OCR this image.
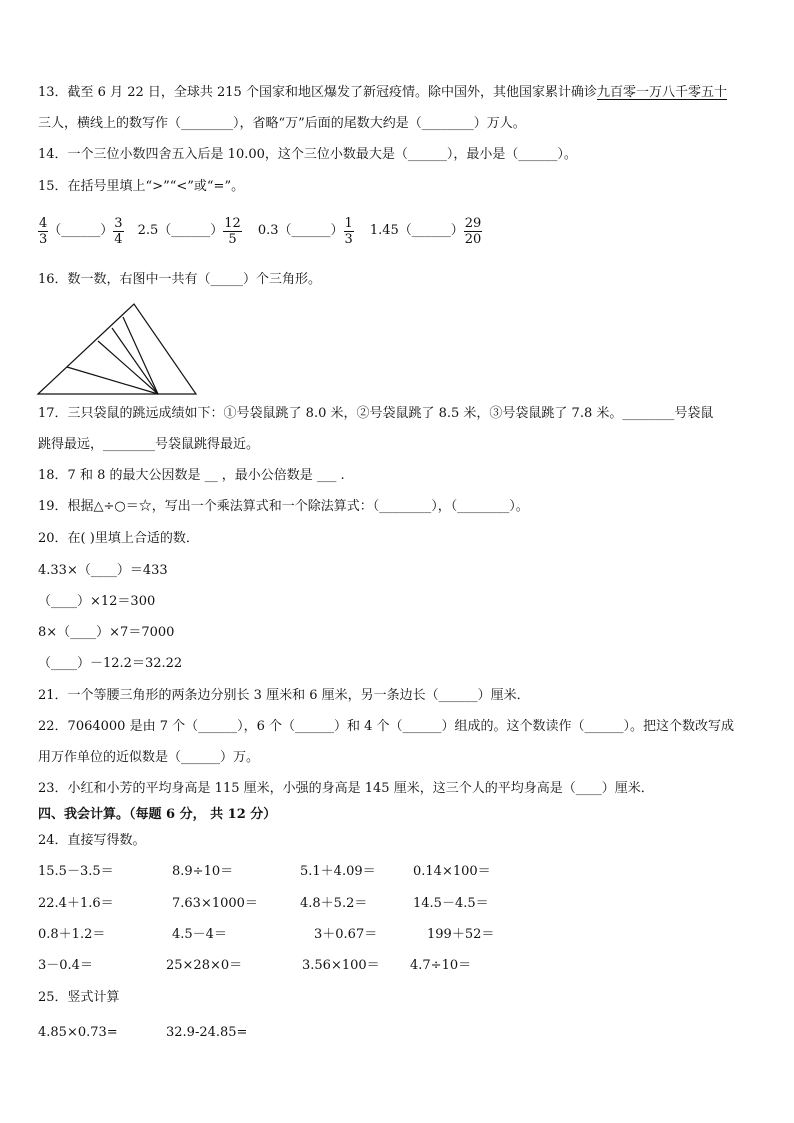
13．截至 6 月 22 日，全球共 215 个国家和地区爆发了新冠疫情。除中国外，其他国家累计确诊九百零一万八千零五十
三人，横线上的数写作（________），省略“万”后面的尾数大约是（________）万人。
14．一个三位小数四舍五入后是 10.00，这个三位小数最大是（______），最小是（______）。
15．在括号里填上“>”“<”或“=”。
$\frac{4}{3}$ （______） $\frac{3}{4} 2.5$ （______） $\frac{12}{5} 0.3$ （______） $\frac{1}{3} 1.45$ （______） $\frac{29}{20}$
16．数一数，右图中一共有（_____）个三角形。
17．三只袋鼠的跳远成绩如下：①号袋鼠跳了 8.0 米，②号袋鼠跳了 8.5 米，③号袋鼠跳了 7.8 米。________号袋鼠
跳得最远，________号袋鼠跳得最近。
18．7 和 8 的最大公因数是 __ ，最小公倍数是 ___ .
19．根据△÷○＝☆，写出一个乘法算式和一个除法算式：（________），（________）。
20．在( )里填上合适的数．
4.33×（____）＝433
（____）×12＝300
8×（____）×7＝7000
（____）－12.2＝32.22
21．一个等腰三角形的两条边分别长 3 厘米和 6 厘米，另一条边长（______）厘米．
22．7064000 是由 7 个（______），6 个（______）和 4 个（______）组成的。这个数读作（______）。把这个数改写成
用万作单位的近似数是（______）万。
23．小红和小芳的平均身高是 115 厘米，小强的身高是 145 厘米，这三个人的平均身高是（____）厘米．
四、我会计算。（每题 6 分， 共 12 分）
24．直接写得数。
15.5－3.5＝	8.9÷10＝	5.1＋4.09＝	0.14×100＝
22.4＋1.6＝	7.63×1000＝	4.8＋5.2＝	14.5－4.5＝
0.8＋1.2＝	4.5－4＝	3＋0.67＝	199＋52＝
3－0.4＝	25×28×0＝	3.56×100＝ 4.7÷10＝
25．竖式计算
4.85×0.73=	32.9-24.85=
